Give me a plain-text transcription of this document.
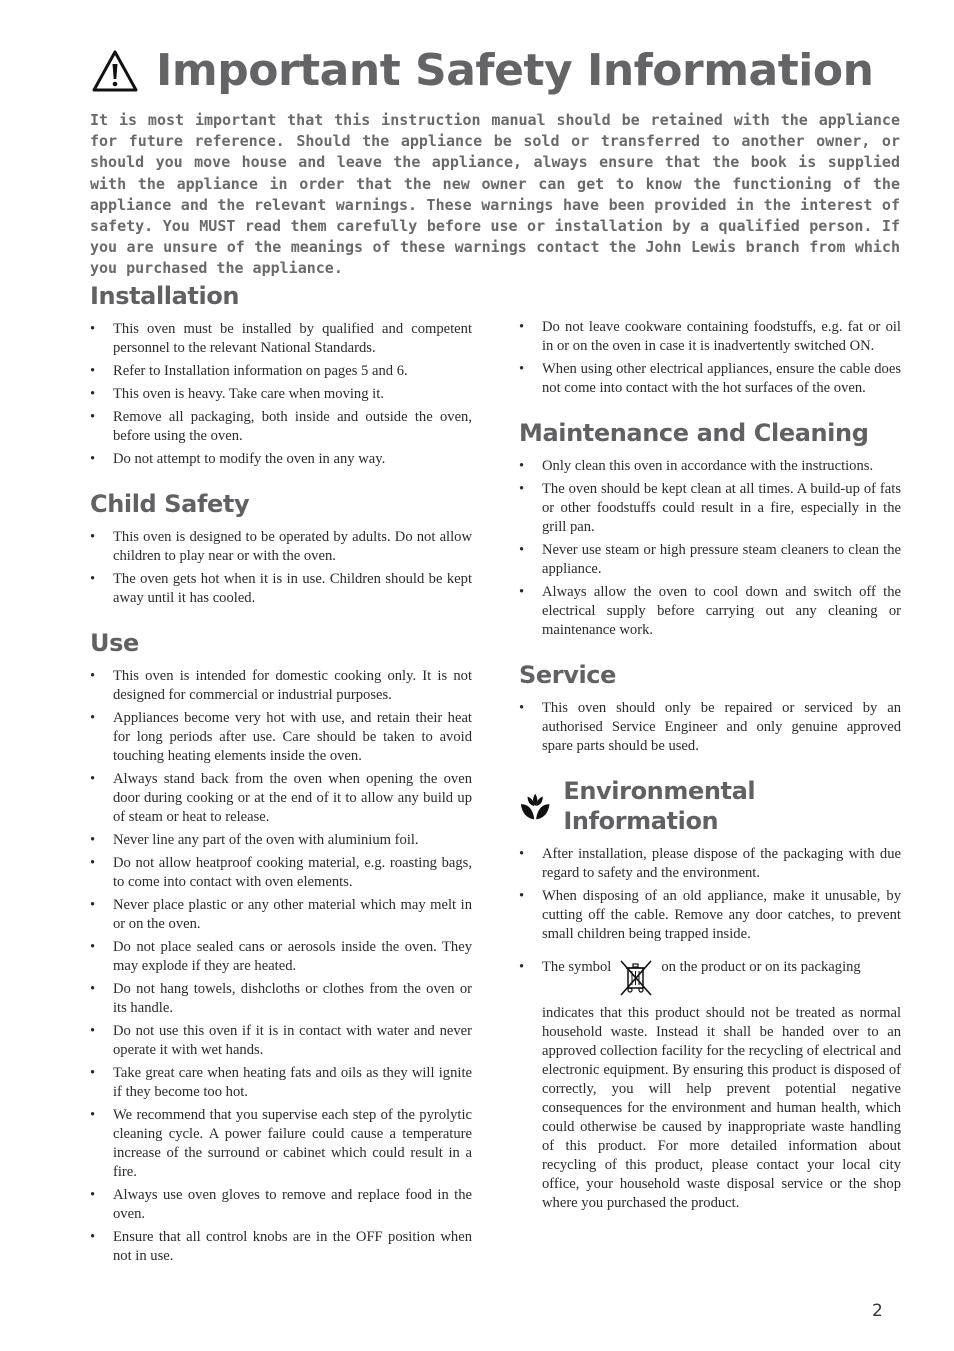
Important Safety Information

It is most important that this instruction manual should be retained with the appliance for future reference. Should the appliance be sold or transferred to another owner, or should you move house and leave the appliance, always ensure that the book is supplied with the appliance in order that the new owner can get to know the functioning of the appliance and the relevant warnings. These warnings have been provided in the interest of safety. You MUST read them carefully before use or installation by a qualified person. If you are unsure of the meanings of these warnings contact the John Lewis branch from which you purchased the appliance.

Installation
• This oven must be installed by qualified and competent personnel to the relevant National Standards.
• Refer to Installation information on pages 5 and 6.
• This oven is heavy. Take care when moving it.
• Remove all packaging, both inside and outside the oven, before using the oven.
• Do not attempt to modify the oven in any way.
Child Safety
• This oven is designed to be operated by adults. Do not allow children to play near or with the oven.
• The oven gets hot when it is in use. Children should be kept away until it has cooled.
Use
• This oven is intended for domestic cooking only. It is not designed for commercial or industrial purposes.
• Appliances become very hot with use, and retain their heat for long periods after use. Care should be taken to avoid touching heating elements inside the oven.
• Always stand back from the oven when opening the oven door during cooking or at the end of it to allow any build up of steam or heat to release.
• Never line any part of the oven with aluminium foil.
• Do not allow heatproof cooking material, e.g. roasting bags, to come into contact with oven elements.
• Never place plastic or any other material which may melt in or on the oven.
• Do not place sealed cans or aerosols inside the oven. They may explode if they are heated.
• Do not hang towels, dishcloths or clothes from the oven or its handle.
• Do not use this oven if it is in contact with water and never operate it with wet hands.
• Take great care when heating fats and oils as they will ignite if they become too hot.
• We recommend that you supervise each step of the pyrolytic cleaning cycle. A power failure could cause a temperature increase of the surround or cabinet which could result in a fire.
• Always use oven gloves to remove and replace food in the oven.
• Ensure that all control knobs are in the OFF position when not in use.
• Do not leave cookware containing foodstuffs, e.g. fat or oil in or on the oven in case it is inadvertently switched ON.
• When using other electrical appliances, ensure the cable does not come into contact with the hot surfaces of the oven.
Maintenance and Cleaning
• Only clean this oven in accordance with the instructions.
• The oven should be kept clean at all times. A build-up of fats or other foodstuffs could result in a fire, especially in the grill pan.
• Never use steam or high pressure steam cleaners to clean the appliance.
• Always allow the oven to cool down and switch off the electrical supply before carrying out any cleaning or maintenance work.
Service
• This oven should only be repaired or serviced by an authorised Service Engineer and only genuine approved spare parts should be used.
Environmental Information
• After installation, please dispose of the packaging with due regard to safety and the environment.
• When disposing of an old appliance, make it unusable, by cutting off the cable. Remove any door catches, to prevent small children being trapped inside.
• The symbol	on the product or on its packaging
indicates that this product should not be treated as normal household waste. Instead it shall be handed over to an approved collection facility for the recycling of electrical and electronic equipment. By ensuring this product is disposed of correctly, you will help prevent potential negative consequences for the environment and human health, which could otherwise be caused by inappropriate waste handling of this product. For more detailed information about recycling of this product, please contact your local city office, your household waste disposal service or the shop where you purchased the product.
2
